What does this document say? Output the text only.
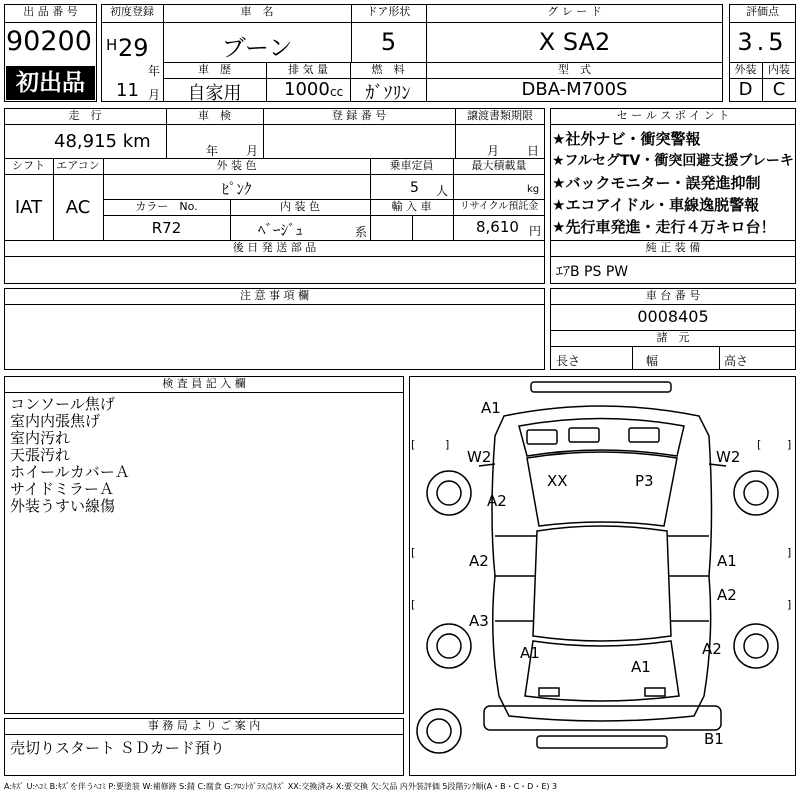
出 品 番 号
90200
初出品
初度登録
H 29
年
11 月
車　名
ブーン
ドア形状
5
グ レ ー ド
X SA2
車　歴
自家用
排 気 量
1000 cc
燃　料
ｶﾞｿﾘﾝ
型　式
DBA-M700S
評価点
3.5
外装	内装
D	C
走　行
48,915 km
車　検
年 月
登 録 番 号	譲渡書類期限
月 日
シフト
IAT
エアコン
AC
外 装 色
ﾋﾟﾝｸ
乗車定員
5 人
最大積載量
kg
カラー　No.
R72
内 装 色
ﾍﾞｰｼﾞｭ	系
輸 入 車	リサイクル預託金
8,610 円
後 日 発 送 部 品
セ ー ル ス ポ イ ン ト
★社外ナビ・衝突警報
★フルセグTV・衝突回避支援ブレーキ
★バックモニター・誤発進抑制
★エコアイドル・車線逸脱警報
★先行車発進・走行４万キロ台！
純 正 装 備
ｴｱB PS PW
注 意 事 項 欄	車 台 番 号
0008405
諸　元
長さ	幅	高さ
検 査 員 記 入 欄
コンソール焦げ
室内内張焦げ
室内汚れ
天張汚れ
ホイールカバーＡ
サイドミラーＡ
外装うすい線傷
事 務 局 よ り ご 案 内
売切りスタート ＳＤカード預り
[	]	[ ]
[	]
[	]
A1
W2	W2
XX	P3
A2
A2	A1
A3
A2
A1	A2
A1
B1
A:ｷｽﾞ U:ﾍｺﾐ B:ｷｽﾞを伴うﾍｺﾐ P:要塗装 W:補修跡 S:錆 C:腐食 G:ﾌﾛﾝﾄｶﾞﾗｽ点ｷｽﾞ XX:交換済み X:要交換 欠:欠品 内外装評価 5段階ﾗﾝｸ順(A・B・C・D・E) 3
